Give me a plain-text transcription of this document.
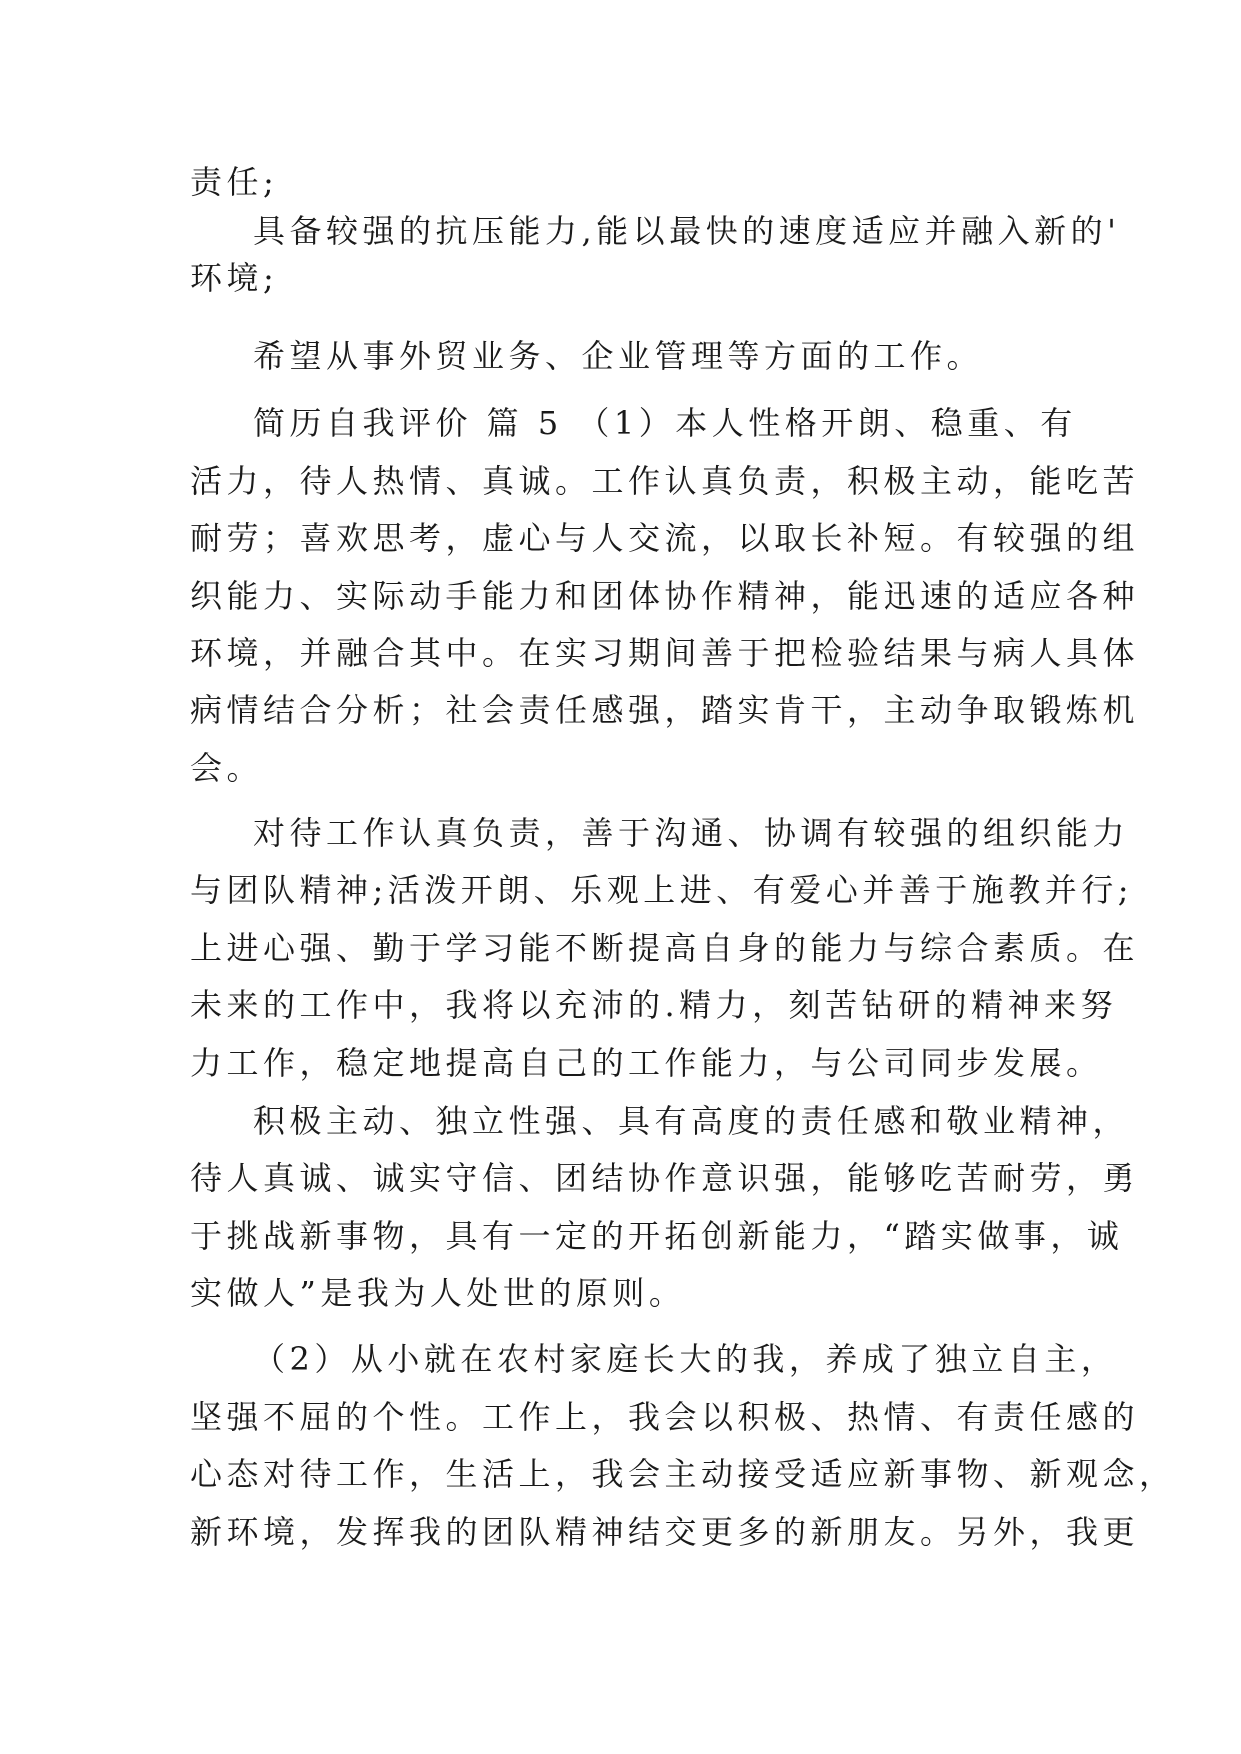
责任;
具备较强的抗压能力,能以最快的速度适应并融入新的'
环境;
希望从事外贸业务、企业管理等方面的工作。
简历自我评价 篇 5 （1）本人性格开朗、稳重、有
活力，待人热情、真诚。工作认真负责，积极主动，能吃苦
耐劳；喜欢思考，虚心与人交流，以取长补短。有较强的组
织能力、实际动手能力和团体协作精神，能迅速的适应各种
环境，并融合其中。在实习期间善于把检验结果与病人具体
病情结合分析；社会责任感强，踏实肯干，主动争取锻炼机
会。
对待工作认真负责，善于沟通、协调有较强的组织能力
与团队精神;活泼开朗、乐观上进、有爱心并善于施教并行;
上进心强、勤于学习能不断提高自身的能力与综合素质。在
未来的工作中，我将以充沛的.精力，刻苦钻研的精神来努
力工作，稳定地提高自己的工作能力，与公司同步发展。
积极主动、独立性强、具有高度的责任感和敬业精神，
待人真诚、诚实守信、团结协作意识强，能够吃苦耐劳，勇
于挑战新事物，具有一定的开拓创新能力，“踏实做事，诚
实做人”是我为人处世的原则。
（2）从小就在农村家庭长大的我，养成了独立自主，
坚强不屈的个性。工作上，我会以积极、热情、有责任感的
心态对待工作，生活上，我会主动接受适应新事物、新观念，
新环境，发挥我的团队精神结交更多的新朋友。另外，我更
